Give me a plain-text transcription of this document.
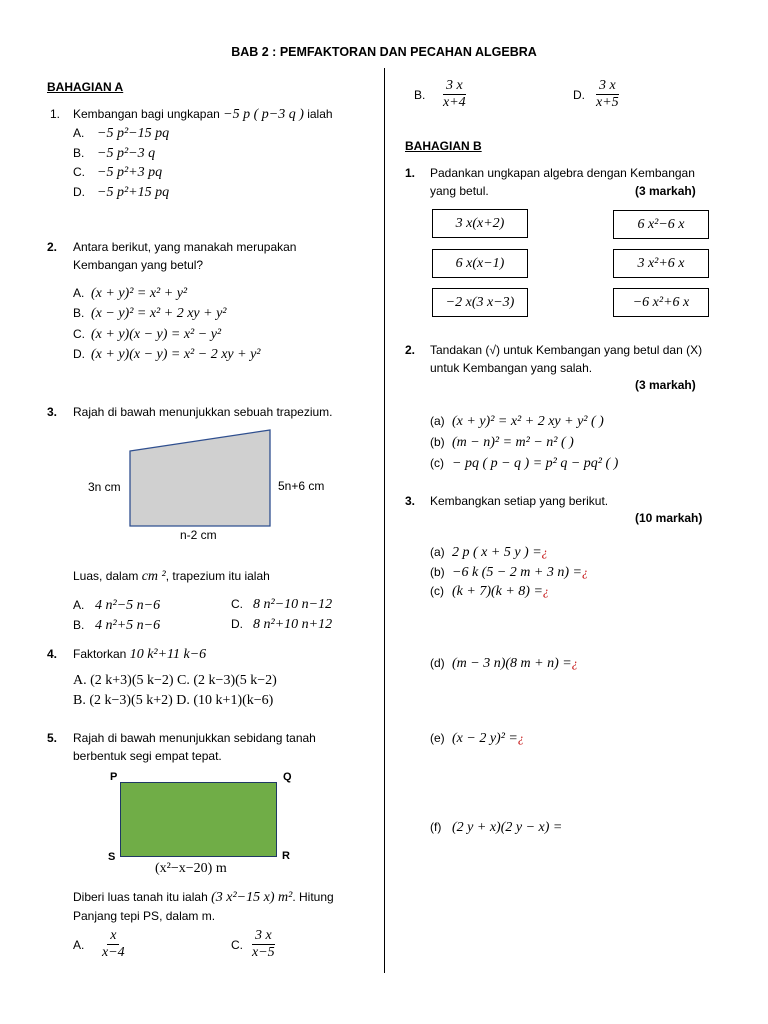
BAB 2 : PEMFAKTORAN DAN PECAHAN ALGEBRA
BAHAGIAN A
1. Kembangan bagi ungkapan −5 p ( p−3 q ) ialah
A. −5 p²−15 pq
B. −5 p²−3 q
C. −5 p²+3 pq
D. −5 p²+15 pq
2. Antara berikut, yang manakah merupakan
Kembangan yang betul?
A. (x + y)² = x² + y²
B. (x − y)² = x² + 2 xy + y²
C. (x + y)(x − y) = x² − y²
D. (x + y)(x − y) = x² − 2 xy + y²
3. Rajah di bawah menunjukkan sebuah trapezium.
3n cm	5n+6 cm
n-2 cm
Luas, dalam cm ², trapezium itu ialah
A. 4 n²−5 n−6
B. 4 n²+5 n−6
C. 8 n²−10 n−12
D. 8 n²+10 n+12
4. Faktorkan 10 k²+11 k−6
A. (2 k+3)(5 k−2) C. (2 k−3)(5 k−2)
B. (2 k−3)(5 k+2) D. (10 k+1)(k−6)
5. Rajah di bawah menunjukkan sebidang tanah
berbentuk segi empat tepat.
P	Q
S	R
(x²−x−20) m
Diberi luas tanah itu ialah (3 x²−15 x) m². Hitung
Panjang tepi PS, dalam m.
A.	$\frac{x}{x-4}$	C. $\frac{3 x}{x-5}$
B.	$\frac{3 x}{x+4}$	D. $\frac{3 x}{x+5}$
BAHAGIAN B
1. Padankan ungkapan algebra dengan Kembangan
yang betul.	(3 markah)
3 x(x+2)
6 x(x−1)
−2 x(3 x−3)
6 x²−6 x
3 x²+6 x
−6 x²+6 x
2. Tandakan (√) untuk Kembangan yang betul dan (X)
untuk Kembangan yang salah.
(3 markah)
(a) (x + y)² = x² + 2 xy + y² ( )
(b) (m − n)² = m² − n² ( )
(c) − pq ( p − q ) = p² q − pq² ( )
3. Kembangkan setiap yang berikut.
(10 markah)
(a) 2 p ( x + 5 y ) =¿
(b) −6 k (5 − 2 m + 3 n) =¿
(c) (k + 7)(k + 8) =¿
(d) (m − 3 n)(8 m + n) =¿
(e) (x − 2 y)² =¿
(f) (2 y + x)(2 y − x) =
